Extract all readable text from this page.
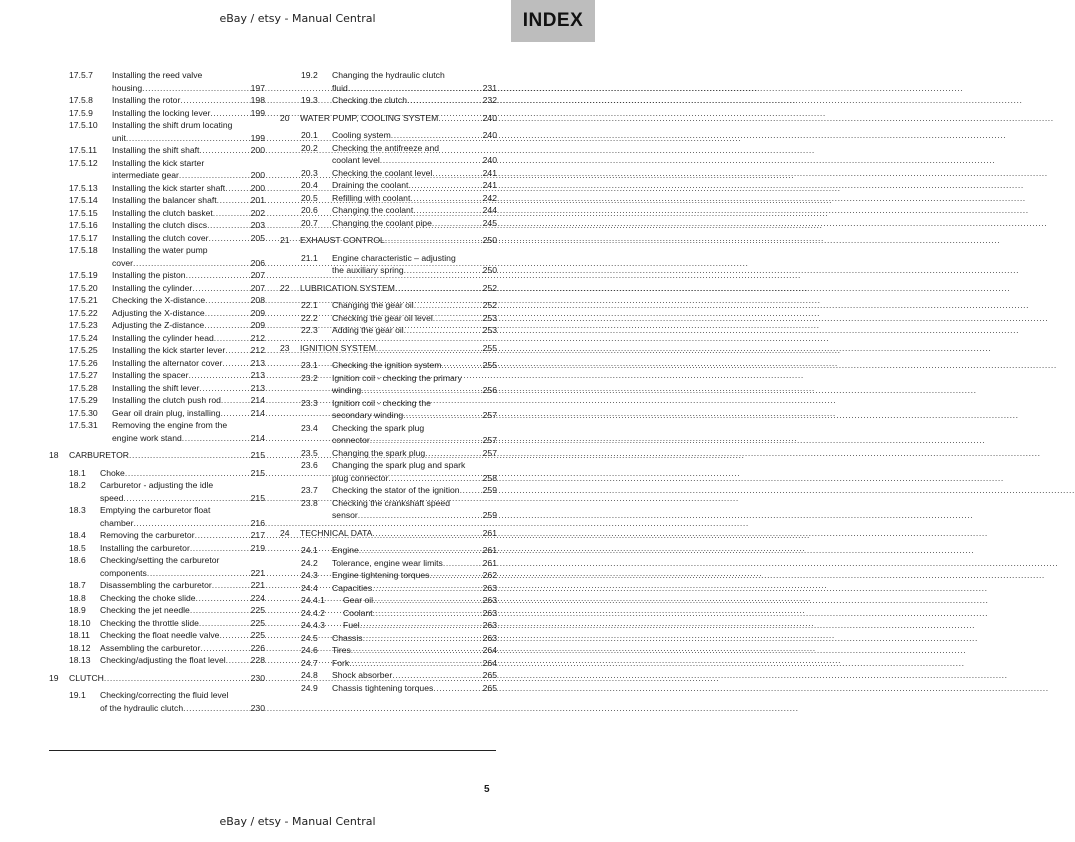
eBay / etsy - Manual Central	INDEX
17.5.7 Installing the reed valve
housing .....	197
17.5.8 Installing the rotor .....	198
17.5.9 Installing the locking lever .....	199
17.5.10 Installing the shift drum locating
unit .....	199
17.5.11 Installing the shift shaft .....	200
17.5.12 Installing the kick starter
intermediate gear .....	200
17.5.13 Installing the kick starter shaft .....	200
17.5.14 Installing the balancer shaft .....	201
17.5.15 Installing the clutch basket .....	202
17.5.16 Installing the clutch discs .....	203
17.5.17 Installing the clutch cover .....	205
17.5.18 Installing the water pump
cover .....	206
17.5.19 Installing the piston .....	207
17.5.20 Installing the cylinder .....	207
17.5.21 Checking the X-distance .....	208
17.5.22 Adjusting the X-distance .....	209
17.5.23 Adjusting the Z-distance .....	209
17.5.24 Installing the cylinder head .....	212
17.5.25 Installing the kick starter lever .....	212
17.5.26 Installing the alternator cover .....	213
17.5.27 Installing the spacer .....	213
17.5.28 Installing the shift lever .....	213
17.5.29 Installing the clutch push rod .....	214
17.5.30 Gear oil drain plug, installing .....	214
17.5.31 Removing the engine from the
engine work stand .....	214
18 CARBURETOR .....	215
18.1 Choke .....	215
18.2 Carburetor - adjusting the idle
speed .....	215
18.3 Emptying the carburetor float
chamber .....	216
18.4 Removing the carburetor .....	217
18.5 Installing the carburetor .....	219
18.6 Checking/setting the carburetor
components .....	221
18.7 Disassembling the carburetor .....	221
18.8 Checking the choke slide .....	224
18.9 Checking the jet needle .....	225
18.10 Checking the throttle slide .....	225
18.11 Checking the float needle valve .....	225
18.12 Assembling the carburetor .....	226
18.13 Checking/adjusting the float level .....	228
19 CLUTCH .....	230
19.1 Checking/correcting the fluid level
of the hydraulic clutch .....	230
19.2 Changing the hydraulic clutch
fluid .....	231
19.3 Checking the clutch .....	232
20 WATER PUMP, COOLING SYSTEM .....	240
20.1 Cooling system .....	240
20.2 Checking the antifreeze and
coolant level .....	240
20.3 Checking the coolant level .....	241
20.4 Draining the coolant .....	241
20.5 Refilling with coolant .....	242
20.6 Changing the coolant .....	244
20.7 Changing the coolant pipe .....	245
21 EXHAUST CONTROL .....	250
21.1 Engine characteristic – adjusting
the auxiliary spring .....	250
22 LUBRICATION SYSTEM .....	252
22.1 Changing the gear oil .....	252
22.2 Checking the gear oil level .....	253
22.3 Adding the gear oil .....	253
23 IGNITION SYSTEM .....	255
23.1 Checking the ignition system .....	255
23.2 Ignition coil - checking the primary
winding .....	256
23.3 Ignition coil - checking the
secondary winding .....	257
23.4 Checking the spark plug
connector .....	257
23.5 Changing the spark plug .....	257
23.6 Changing the spark plug and spark
plug connector .....	258
23.7 Checking the stator of the ignition .....	259
23.8 Checking the crankshaft speed
sensor .....	259
24 TECHNICAL DATA .....	261
24.1 Engine .....	261
24.2 Tolerance, engine wear limits .....	261
24.3 Engine tightening torques .....	262
24.4 Capacities .....	263
24.4.1 Gear oil .....	263
24.4.2 Coolant .....	263
24.4.3 Fuel .....	263
24.5 Chassis .....	263
24.6 Tires .....	264
24.7 Fork .....	264
24.8 Shock absorber .....	265
24.9 Chassis tightening torques .....	265
5
eBay / etsy - Manual Central
